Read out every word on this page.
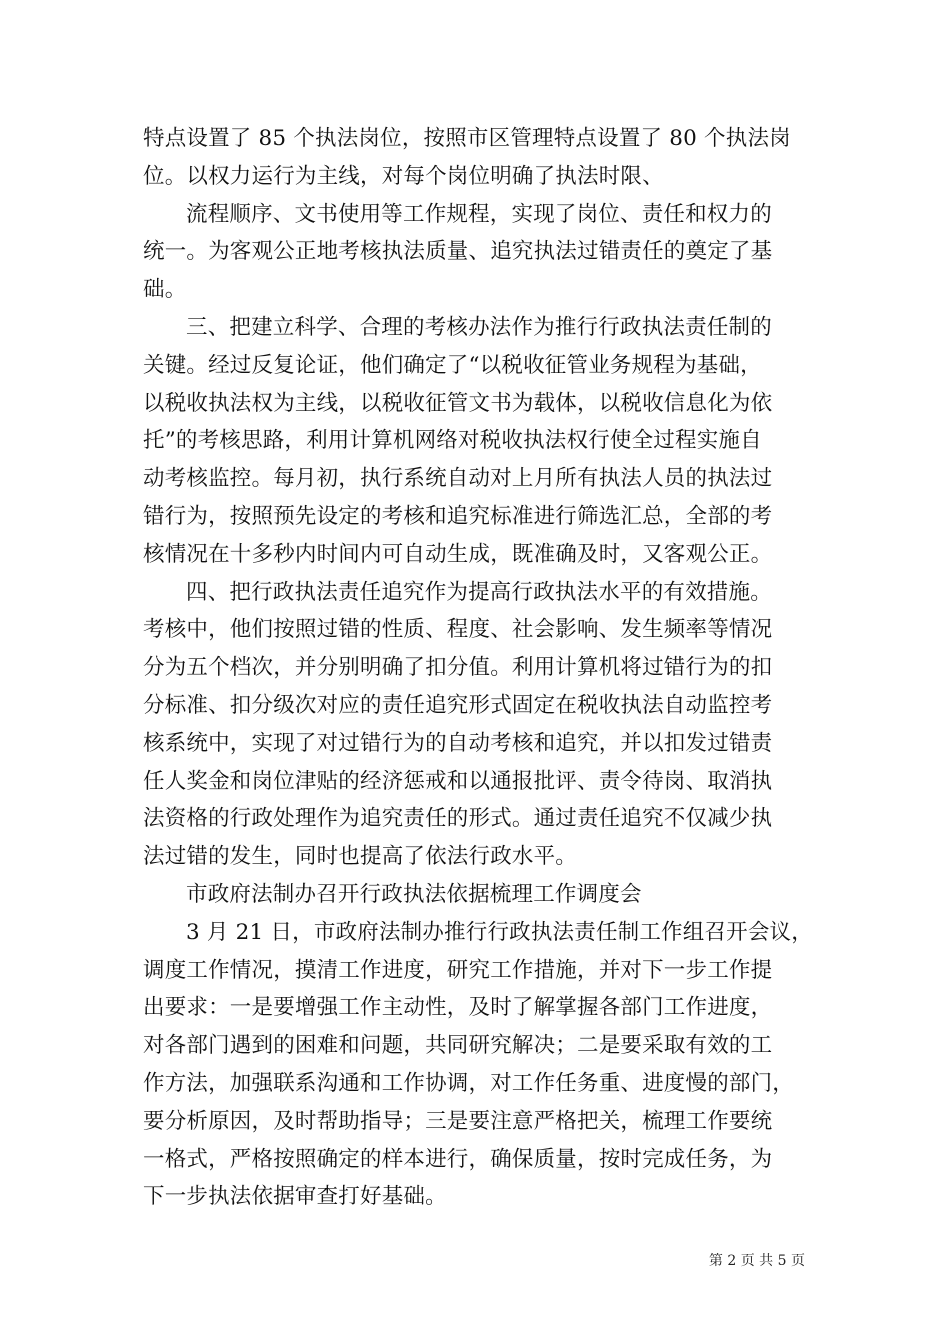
特点设置了 85 个执法岗位，按照市区管理特点设置了 80 个执法岗
位。以权力运行为主线，对每个岗位明确了执法时限、
流程顺序、文书使用等工作规程，实现了岗位、责任和权力的
统一。为客观公正地考核执法质量、追究执法过错责任的奠定了基
础。
三、把建立科学、合理的考核办法作为推行行政执法责任制的
关键。经过反复论证，他们确定了“以税收征管业务规程为基础，
以税收执法权为主线，以税收征管文书为载体，以税收信息化为依
托”的考核思路，利用计算机网络对税收执法权行使全过程实施自
动考核监控。每月初，执行系统自动对上月所有执法人员的执法过
错行为，按照预先设定的考核和追究标准进行筛选汇总，全部的考
核情况在十多秒内时间内可自动生成，既准确及时，又客观公正。
四、把行政执法责任追究作为提高行政执法水平的有效措施。
考核中，他们按照过错的性质、程度、社会影响、发生频率等情况
分为五个档次，并分别明确了扣分值。利用计算机将过错行为的扣
分标准、扣分级次对应的责任追究形式固定在税收执法自动监控考
核系统中，实现了对过错行为的自动考核和追究，并以扣发过错责
任人奖金和岗位津贴的经济惩戒和以通报批评、责令待岗、取消执
法资格的行政处理作为追究责任的形式。通过责任追究不仅减少执
法过错的发生，同时也提高了依法行政水平。
市政府法制办召开行政执法依据梳理工作调度会
3 月 21 日，市政府法制办推行行政执法责任制工作组召开会议，
调度工作情况，摸清工作进度，研究工作措施，并对下一步工作提
出要求：一是要增强工作主动性，及时了解掌握各部门工作进度，
对各部门遇到的困难和问题，共同研究解决；二是要采取有效的工
作方法，加强联系沟通和工作协调，对工作任务重、进度慢的部门，
要分析原因，及时帮助指导；三是要注意严格把关，梳理工作要统
一格式，严格按照确定的样本进行，确保质量，按时完成任务，为
下一步执法依据审查打好基础。
第 2 页 共 5 页
